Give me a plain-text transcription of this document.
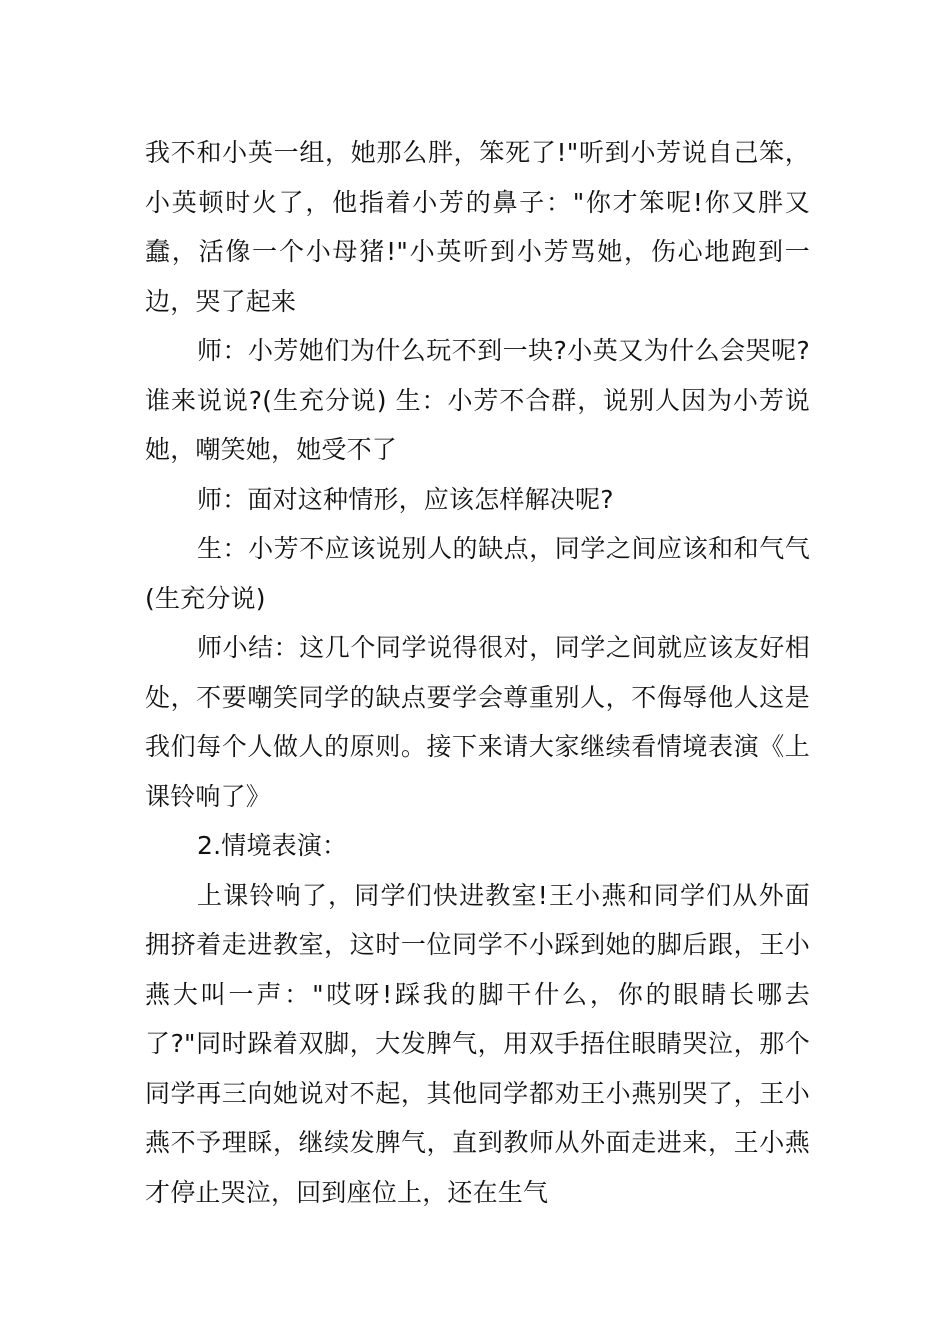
我不和小英一组，她那么胖，笨死了!"听到小芳说自己笨，小英顿时火了，他指着小芳的鼻子："你才笨呢!你又胖又蠢，活像一个小母猪!"小英听到小芳骂她，伤心地跑到一边，哭了起来

师：小芳她们为什么玩不到一块?小英又为什么会哭呢?谁来说说?(生充分说) 生：小芳不合群，说别人因为小芳说她，嘲笑她，她受不了

师：面对这种情形，应该怎样解决呢?

生：小芳不应该说别人的缺点，同学之间应该和和气气(生充分说)

师小结：这几个同学说得很对，同学之间就应该友好相处，不要嘲笑同学的缺点要学会尊重别人，不侮辱他人这是我们每个人做人的原则。接下来请大家继续看情境表演《上课铃响了》

2.情境表演：

上课铃响了，同学们快进教室!王小燕和同学们从外面拥挤着走进教室，这时一位同学不小踩到她的脚后跟，王小燕大叫一声："哎呀!踩我的脚干什么，你的眼睛长哪去了?"同时跺着双脚，大发脾气，用双手捂住眼睛哭泣，那个同学再三向她说对不起，其他同学都劝王小燕别哭了，王小燕不予理睬，继续发脾气，直到教师从外面走进来，王小燕才停止哭泣，回到座位上，还在生气
